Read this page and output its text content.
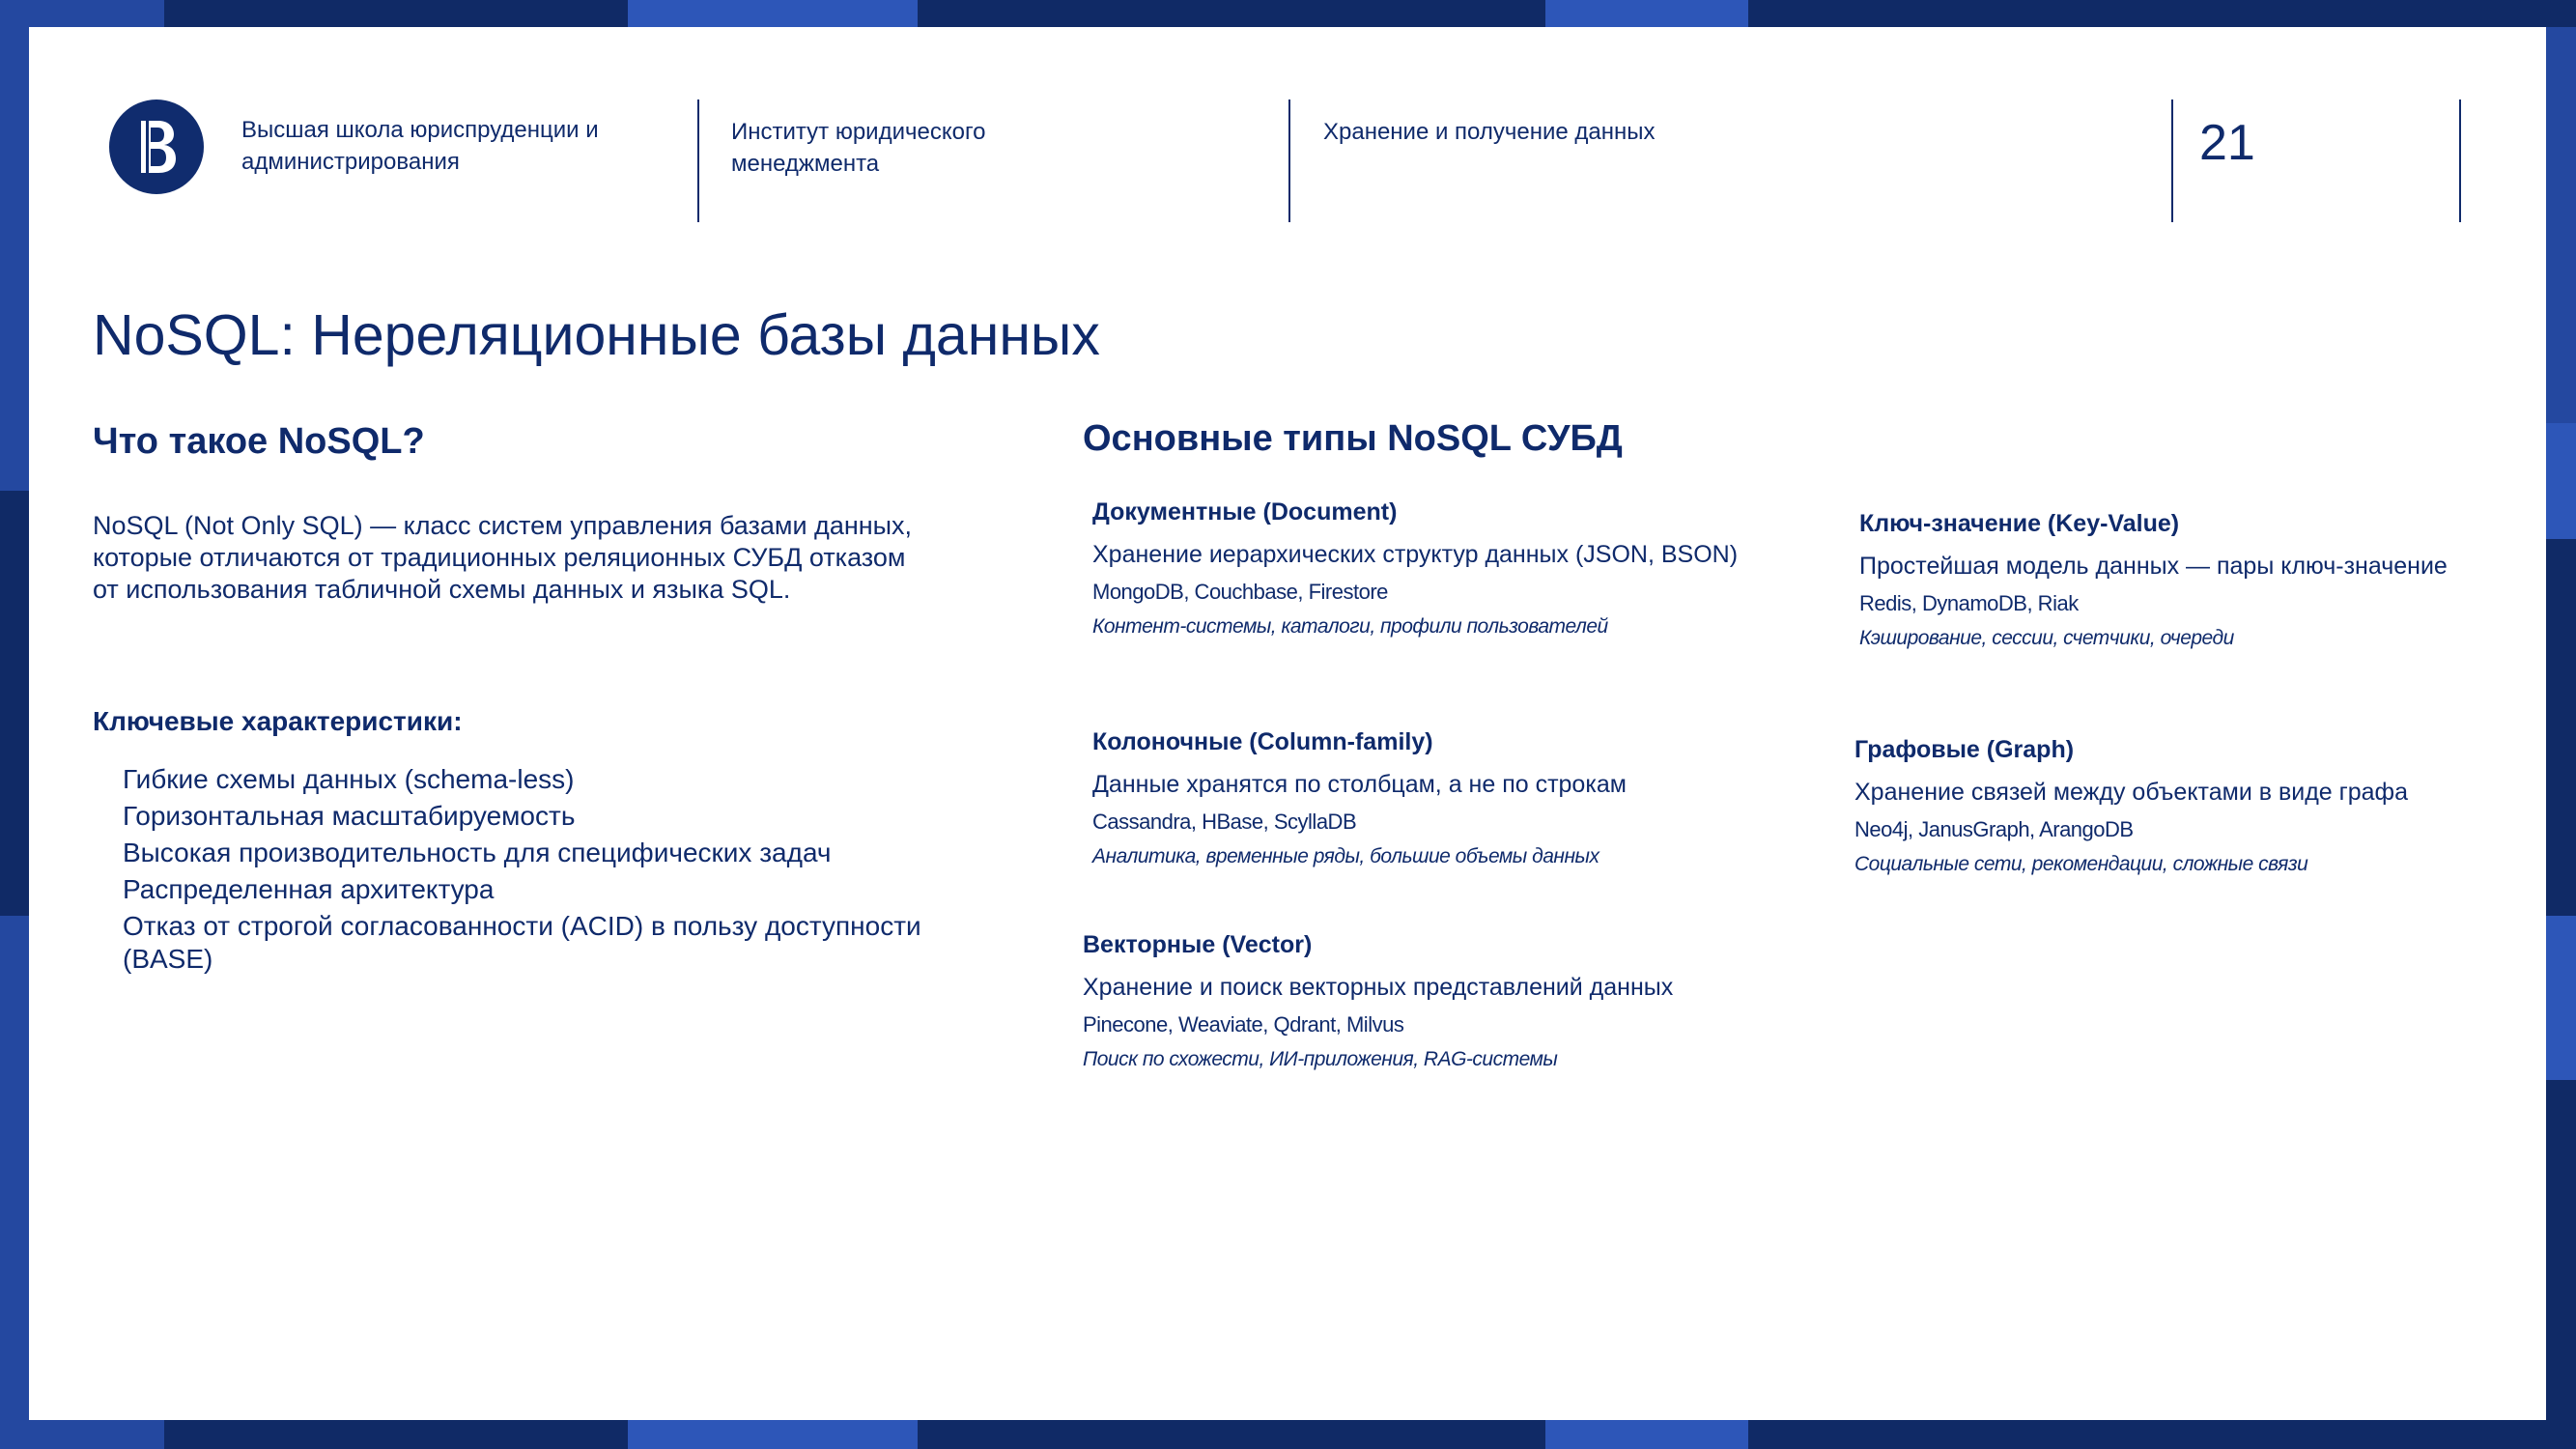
Высшая школа юриспруденции и администрирования
Институт юридического менеджмента
Хранение и получение данных	21
NoSQL: Нереляционные базы данных
Что такое NoSQL?
NoSQL (Not Only SQL) — класс систем управления базами данных, которые отличаются от традиционных реляционных СУБД отказом от использования табличной схемы данных и языка SQL.
Ключевые характеристики:
Гибкие схемы данных (schema-less)
Горизонтальная масштабируемость
Высокая производительность для специфических задач
Распределенная архитектура
Отказ от строгой согласованности (ACID) в пользу доступности (BASE)
Основные типы NoSQL СУБД
Документные (Document)
Хранение иерархических структур данных (JSON, BSON)
MongoDB, Couchbase, Firestore
Контент-системы, каталоги, профили пользователей
Ключ-значение (Key-Value)
Простейшая модель данных — пары ключ-значение
Redis, DynamoDB, Riak
Кэширование, сессии, счетчики, очереди
Колоночные (Column-family)
Данные хранятся по столбцам, а не по строкам
Cassandra, HBase, ScyllaDB
Аналитика, временные ряды, большие объемы данных
Графовые (Graph)
Хранение связей между объектами в виде графа
Neo4j, JanusGraph, ArangoDB
Социальные сети, рекомендации, сложные связи
Векторные (Vector)
Хранение и поиск векторных представлений данных
Pinecone, Weaviate, Qdrant, Milvus
Поиск по схожести, ИИ-приложения, RAG-системы
